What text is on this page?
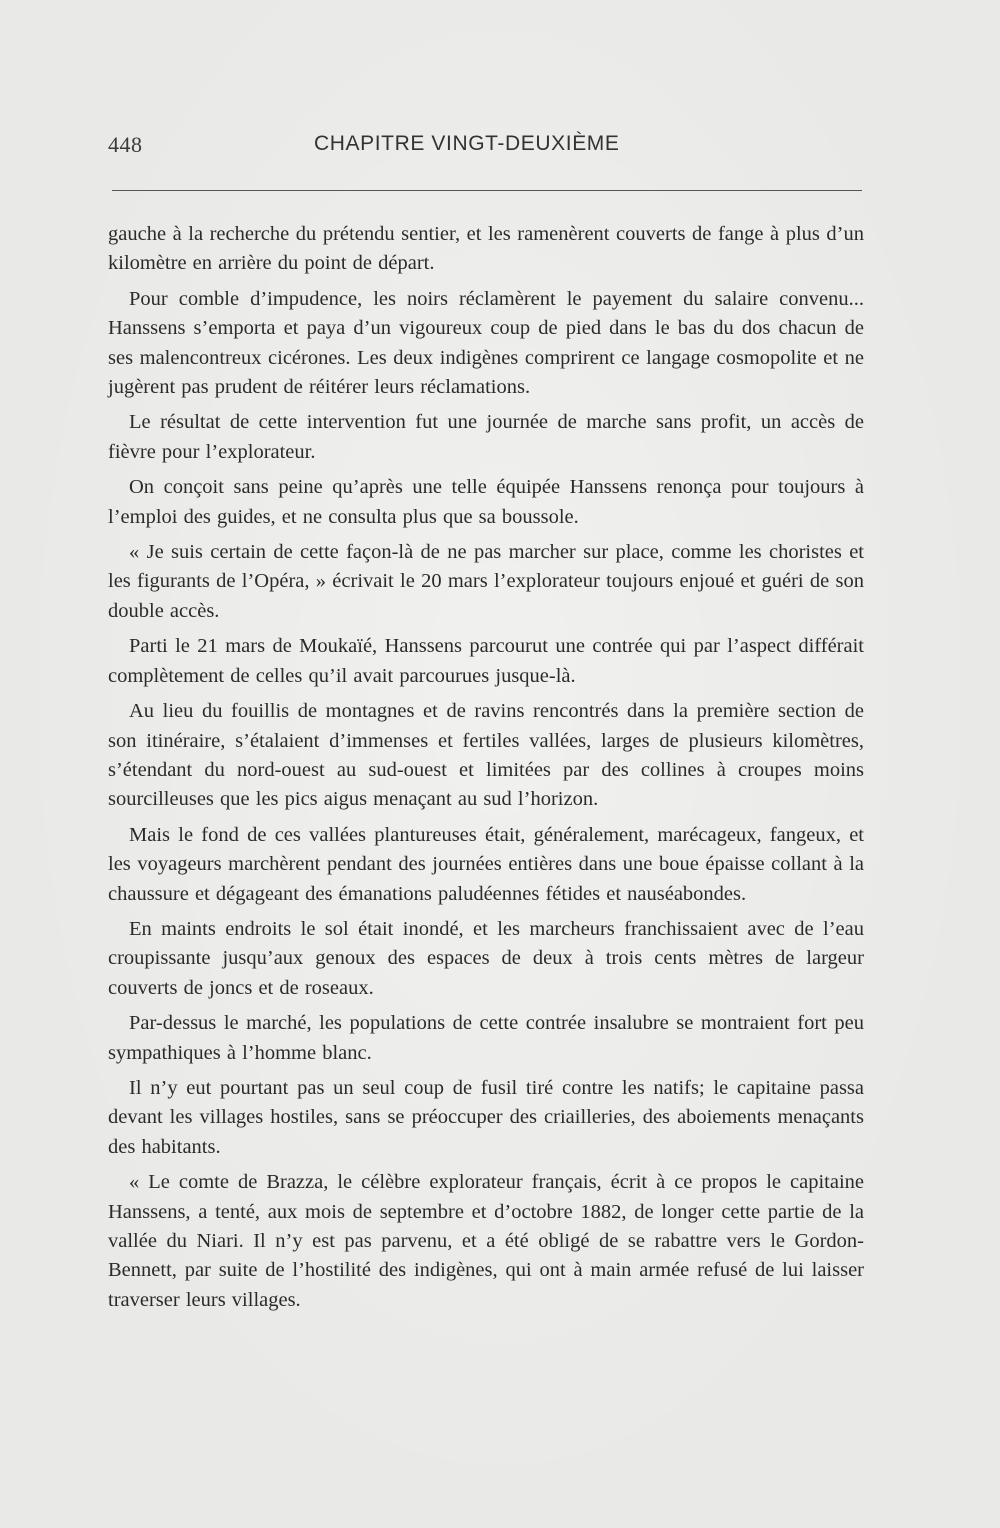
448	CHAPITRE VINGT-DEUXIÈME

gauche à la recherche du prétendu sentier, et les ramenèrent couverts de fange à plus d’un kilomètre en arrière du point de départ.

Pour comble d’impudence, les noirs réclamèrent le payement du salaire convenu... Hanssens s’emporta et paya d’un vigoureux coup de pied dans le bas du dos chacun de ses malencontreux cicérones. Les deux indigènes comprirent ce langage cosmopolite et ne jugèrent pas prudent de réitérer leurs réclamations.

Le résultat de cette intervention fut une journée de marche sans profit, un accès de fièvre pour l’explorateur.

On conçoit sans peine qu’après une telle équipée Hanssens renonça pour toujours à l’emploi des guides, et ne consulta plus que sa boussole.

« Je suis certain de cette façon-là de ne pas marcher sur place, comme les choristes et les figurants de l’Opéra, » écrivait le 20 mars l’explorateur toujours enjoué et guéri de son double accès.

Parti le 21 mars de Moukaïé, Hanssens parcourut une contrée qui par l’aspect différait complètement de celles qu’il avait parcourues jusque-là.

Au lieu du fouillis de montagnes et de ravins rencontrés dans la première section de son itinéraire, s’étalaient d’immenses et fertiles vallées, larges de plusieurs kilomètres, s’étendant du nord-ouest au sud-ouest et limitées par des collines à croupes moins sourcilleuses que les pics aigus menaçant au sud l’horizon.

Mais le fond de ces vallées plantureuses était, généralement, marécageux, fangeux, et les voyageurs marchèrent pendant des journées entières dans une boue épaisse collant à la chaussure et dégageant des émanations paludéennes fétides et nauséabondes.

En maints endroits le sol était inondé, et les marcheurs franchissaient avec de l’eau croupissante jusqu’aux genoux des espaces de deux à trois cents mètres de largeur couverts de joncs et de roseaux.

Par-dessus le marché, les populations de cette contrée insalubre se montraient fort peu sympathiques à l’homme blanc.

Il n’y eut pourtant pas un seul coup de fusil tiré contre les natifs; le capitaine passa devant les villages hostiles, sans se préoccuper des criailleries, des aboiements menaçants des habitants.

« Le comte de Brazza, le célèbre explorateur français, écrit à ce propos le capitaine Hanssens, a tenté, aux mois de septembre et d’octobre 1882, de longer cette partie de la vallée du Niari. Il n’y est pas parvenu, et a été obligé de se rabattre vers le Gordon-Bennett, par suite de l’hostilité des indigènes, qui ont à main armée refusé de lui laisser traverser leurs villages.
